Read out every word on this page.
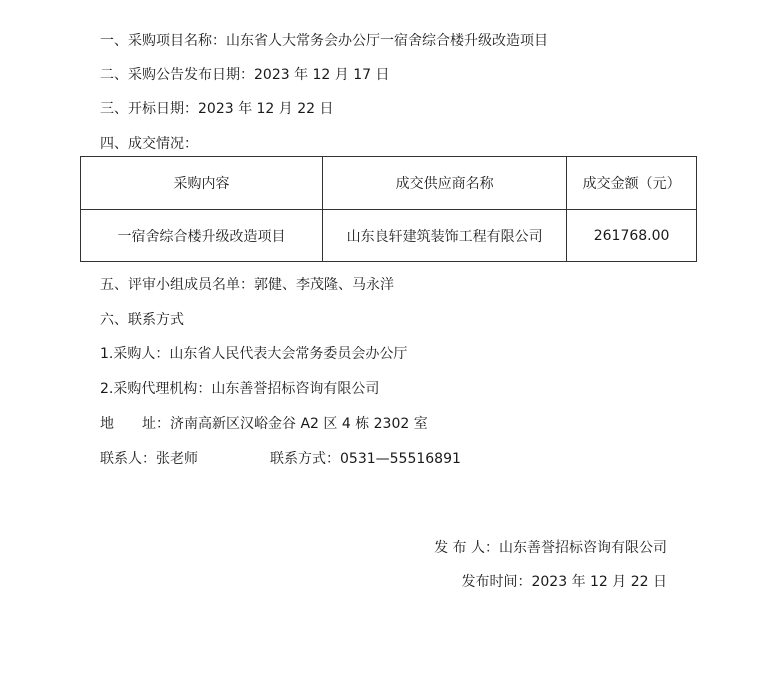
一、采购项目名称：山东省人大常务会办公厅一宿舍综合楼升级改造项目
二、采购公告发布日期：2023 年 12 月 17 日
三、开标日期：2023 年 12 月 22 日
四、成交情况：
采购内容	成交供应商名称	成交金额（元）
一宿舍综合楼升级改造项目	山东良轩建筑装饰工程有限公司	261768.00
五、评审小组成员名单：郭健、李茂隆、马永洋
六、联系方式
1.采购人：山东省人民代表大会常务委员会办公厅
2.采购代理机构：山东善誉招标咨询有限公司
地　　址：济南高新区汉峪金谷 A2 区 4 栋 2302 室
联系人：张老师	联系方式：0531—55516891
发 布 人：山东善誉招标咨询有限公司
发布时间：2023 年 12 月 22 日
